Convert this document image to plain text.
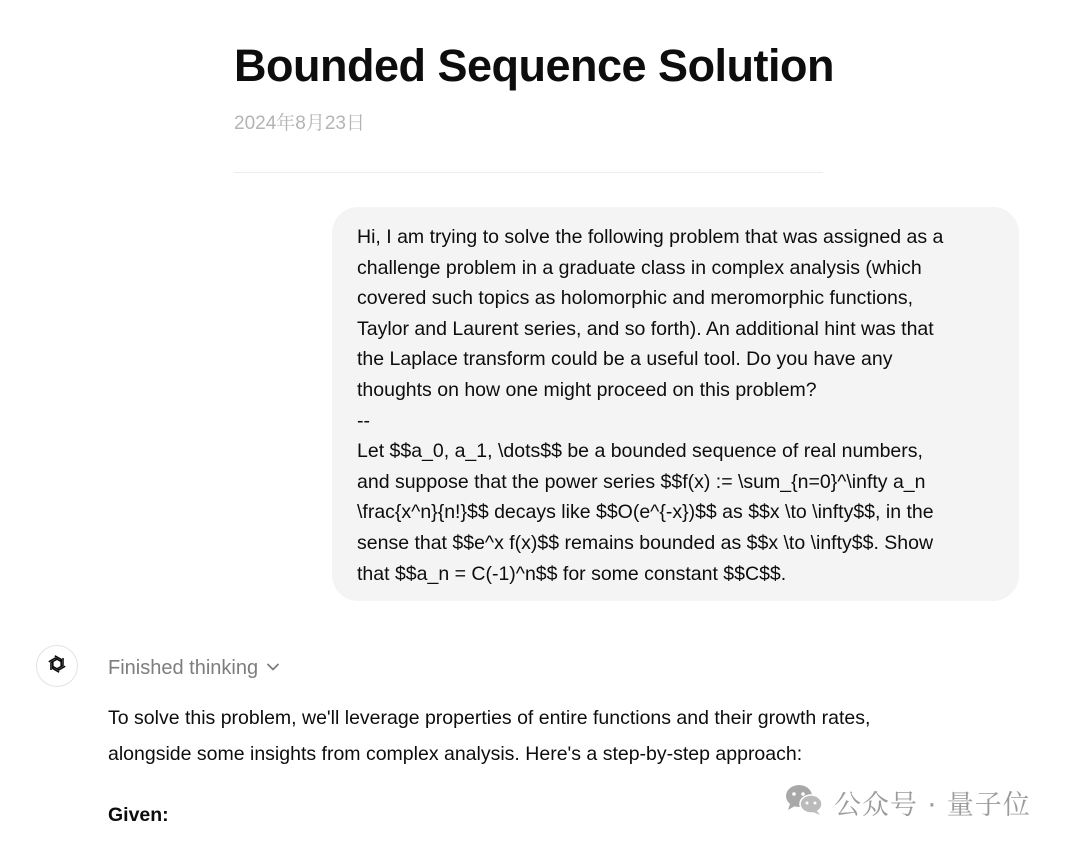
Bounded Sequence Solution
2024年8月23日
Hi, I am trying to solve the following problem that was assigned as a
challenge problem in a graduate class in complex analysis (which
covered such topics as holomorphic and meromorphic functions,
Taylor and Laurent series, and so forth). An additional hint was that
the Laplace transform could be a useful tool. Do you have any
thoughts on how one might proceed on this problem?
--
Let $$a_0, a_1, \dots$$ be a bounded sequence of real numbers,
and suppose that the power series $$f(x) := \sum_{n=0}^\infty a_n
\frac{x^n}{n!}$$ decays like $$O(e^{-x})$$ as $$x \to \infty$$, in the
sense that $$e^x f(x)$$ remains bounded as $$x \to \infty$$. Show
that $$a_n = C(-1)^n$$ for some constant $$C$$.
Finished thinking
To solve this problem, we'll leverage properties of entire functions and their growth rates,
alongside some insights from complex analysis. Here's a step-by-step approach:
Given:	公众号 · 量子位
